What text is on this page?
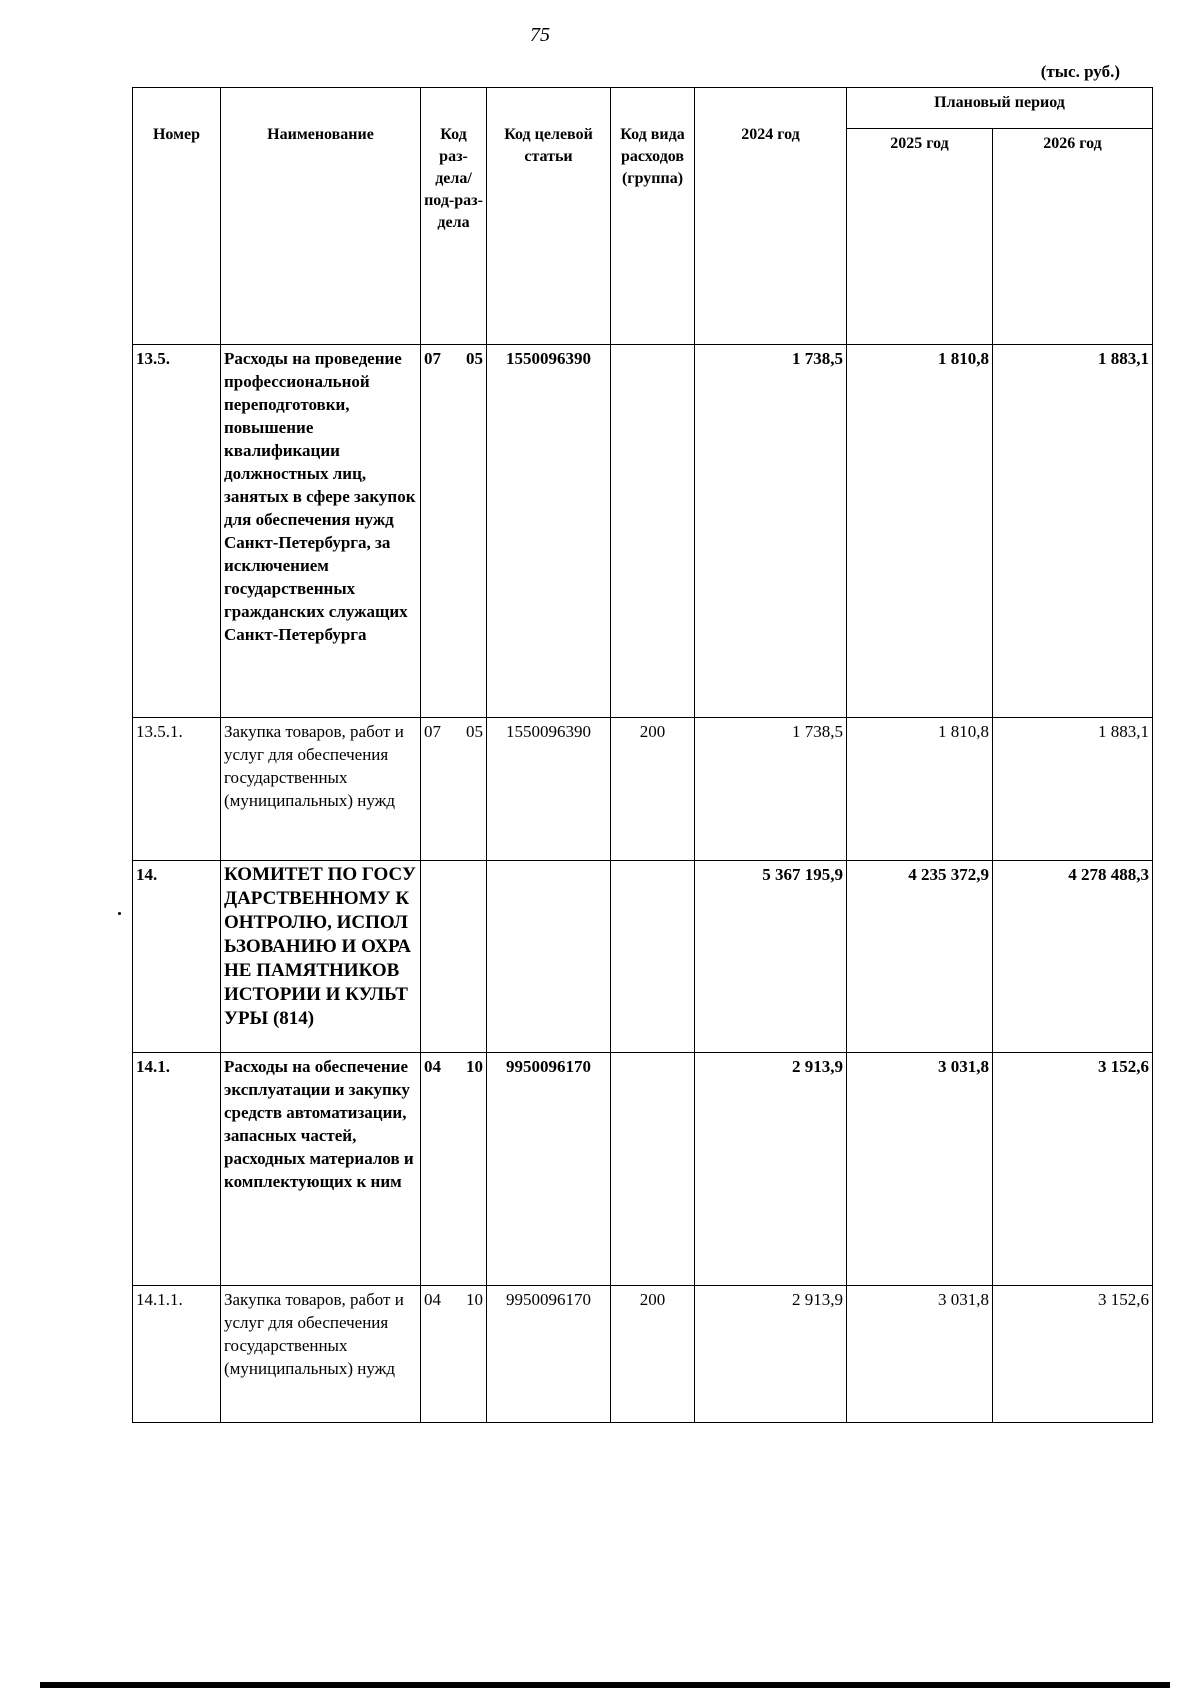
75
(тыс. руб.)
Номер	Наименование	Код раз-дела/ под-раз-дела	Код целевой статьи	Код вида расходов (группа)	2024 год	Плановый период	
						2025 год	2026 год
13.5.	Расходы на проведение профессиональной переподготовки, повышение квалификации должностных лиц, занятых в сфере закупок для обеспечения нужд Санкт-Петербурга, за исключением государственных гражданских служащих Санкт-Петербурга	07 05	1550096390		1 738,5	1 810,8	1 883,1
13.5.1.	Закупка товаров, работ и услуг для обеспечения государственных (муниципальных) нужд	07 05	1550096390	200	1 738,5	1 810,8	1 883,1
14.	КОМИТЕТ ПО ГОСУДАРСТВЕННОМУ КОНТРОЛЮ, ИСПОЛЬЗОВАНИЮ И ОХРАНЕ ПАМЯТНИКОВ ИСТОРИИ И КУЛЬТУРЫ (814)				5 367 195,9	4 235 372,9	4 278 488,3
14.1.	Расходы на обеспечение эксплуатации и закупку средств автоматизации, запасных частей, расходных материалов и комплектующих к ним	04 10	9950096170		2 913,9	3 031,8	3 152,6
14.1.1.	Закупка товаров, работ и услуг для обеспечения государственных (муниципальных) нужд	04 10	9950096170	200	2 913,9	3 031,8	3 152,6
